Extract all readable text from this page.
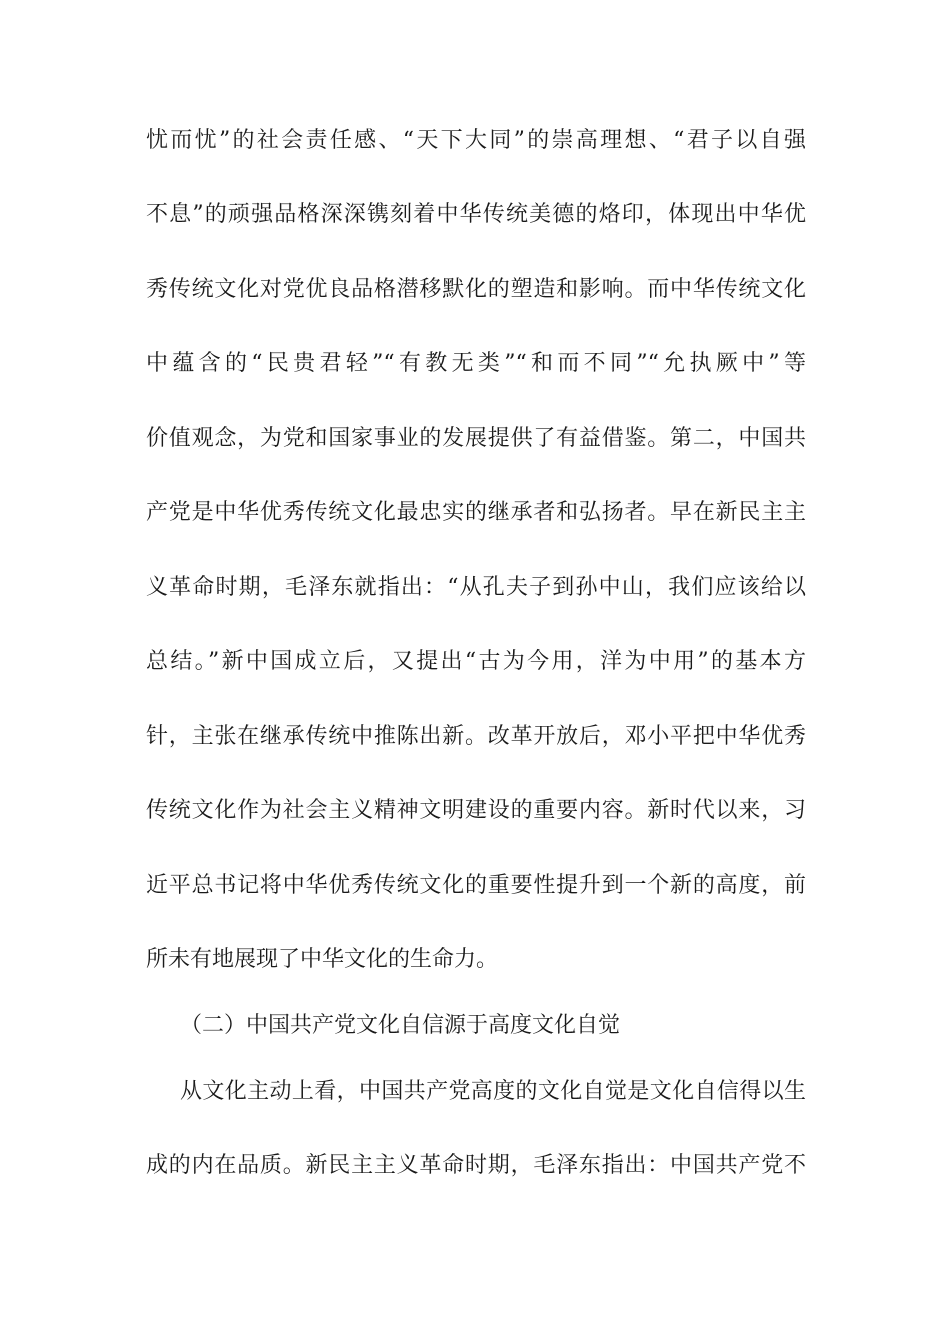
忧而忧”的社会责任感、“天下大同”的崇高理想、“君子以自强
不息”的顽强品格深深镌刻着中华传统美德的烙印，体现出中华优
秀传统文化对党优良品格潜移默化的塑造和影响。而中华传统文化
中蕴含的“民贵君轻”“有教无类”“和而不同”“允执厥中”等
价值观念，为党和国家事业的发展提供了有益借鉴。第二，中国共
产党是中华优秀传统文化最忠实的继承者和弘扬者。早在新民主主
义革命时期，毛泽东就指出：“从孔夫子到孙中山，我们应该给以
总结。”新中国成立后，又提出“古为今用，洋为中用”的基本方
针，主张在继承传统中推陈出新。改革开放后，邓小平把中华优秀
传统文化作为社会主义精神文明建设的重要内容。新时代以来，习
近平总书记将中华优秀传统文化的重要性提升到一个新的高度，前
所未有地展现了中华文化的生命力。
（二）中国共产党文化自信源于高度文化自觉
从文化主动上看，中国共产党高度的文化自觉是文化自信得以生
成的内在品质。新民主主义革命时期，毛泽东指出：中国共产党不
